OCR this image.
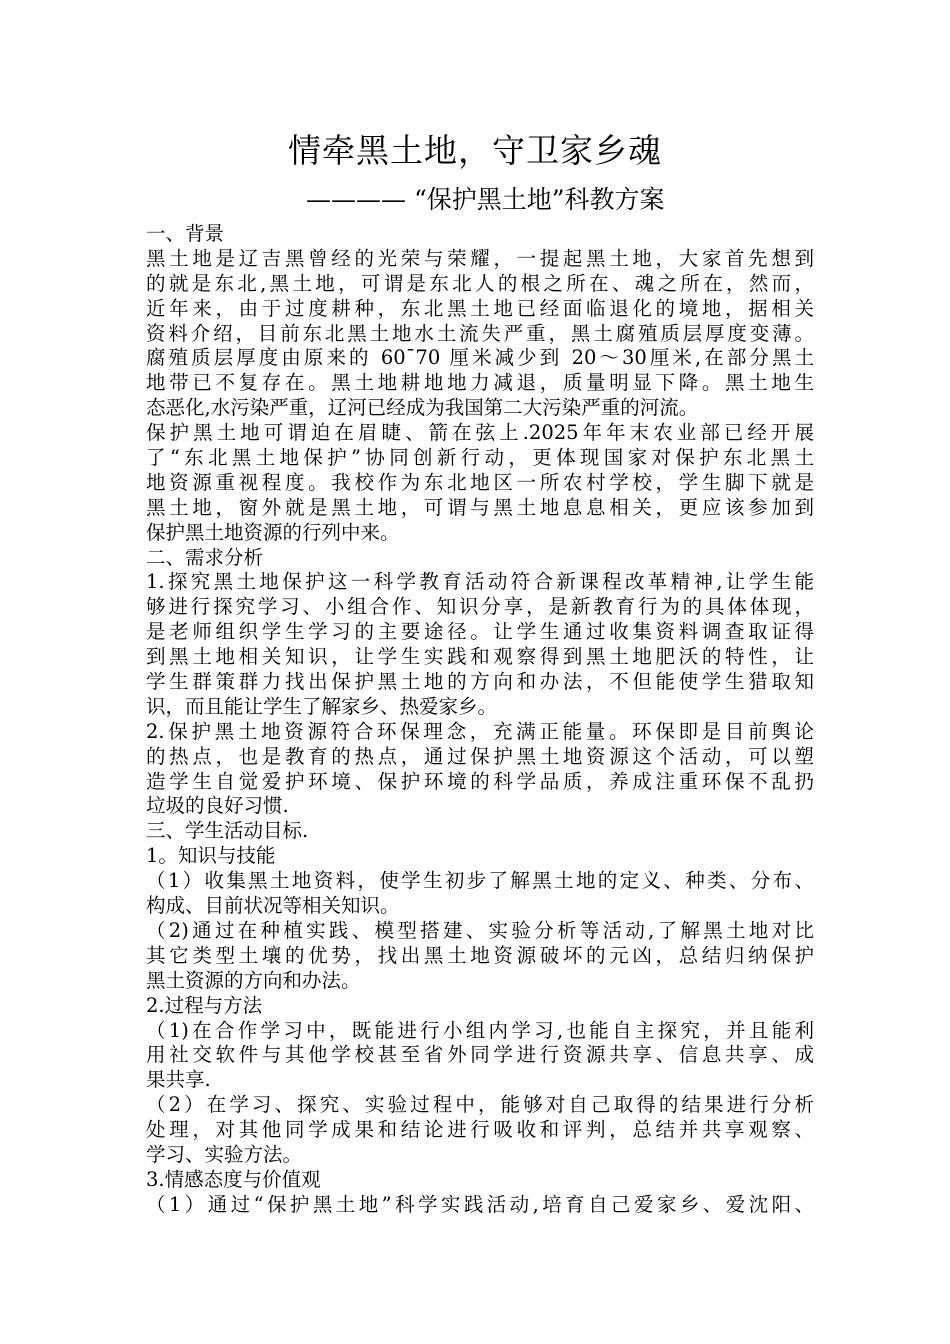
情牵黑土地，守卫家乡魂
———— “保护黑土地”科教方案
一、背景
黑土地是辽吉黑曾经的光荣与荣耀，一提起黑土地，大家首先想到
的就是东北,黑土地，可谓是东北人的根之所在、魂之所在，然而，
近年来，由于过度耕种，东北黑土地已经面临退化的境地，据相关
资料介绍，目前东北黑土地水土流失严重，黑土腐殖质层厚度变薄。
腐殖质层厚度由原来的 60¯70 厘米减少到 20～30厘米,在部分黑土
地带已不复存在。黑土地耕地地力减退，质量明显下降。黑土地生
态恶化,水污染严重，辽河已经成为我国第二大污染严重的河流。
保护黑土地可谓迫在眉睫、箭在弦上.2025年年末农业部已经开展
了“东北黑土地保护”协同创新行动，更体现国家对保护东北黑土
地资源重视程度。我校作为东北地区一所农村学校，学生脚下就是
黑土地，窗外就是黑土地，可谓与黑土地息息相关，更应该参加到
保护黑土地资源的行列中来。
二、需求分析
1.探究黑土地保护这一科学教育活动符合新课程改革精神,让学生能
够进行探究学习、小组合作、知识分享，是新教育行为的具体体现，
是老师组织学生学习的主要途径。让学生通过收集资料调查取证得
到黑土地相关知识，让学生实践和观察得到黑土地肥沃的特性，让
学生群策群力找出保护黑土地的方向和办法，不但能使学生猎取知
识，而且能让学生了解家乡、热爱家乡。
2.保护黑土地资源符合环保理念，充满正能量。环保即是目前舆论
的热点，也是教育的热点，通过保护黑土地资源这个活动，可以塑
造学生自觉爱护环境、保护环境的科学品质，养成注重环保不乱扔
垃圾的良好习惯.
三、学生活动目标.
1。知识与技能
（1）收集黑土地资料，使学生初步了解黑土地的定义、种类、分布、
构成、目前状况等相关知识。
（2)通过在种植实践、模型搭建、实验分析等活动,了解黑土地对比
其它类型土壤的优势，找出黑土地资源破坏的元凶，总结归纳保护
黑土资源的方向和办法。
2.过程与方法
（1)在合作学习中，既能进行小组内学习,也能自主探究，并且能利
用社交软件与其他学校甚至省外同学进行资源共享、信息共享、成
果共享.
（2）在学习、探究、实验过程中，能够对自己取得的结果进行分析
处理，对其他同学成果和结论进行吸收和评判，总结并共享观察、
学习、实验方法。
3.情感态度与价值观
（1）通过“保护黑土地”科学实践活动,培育自己爱家乡、爱沈阳、
